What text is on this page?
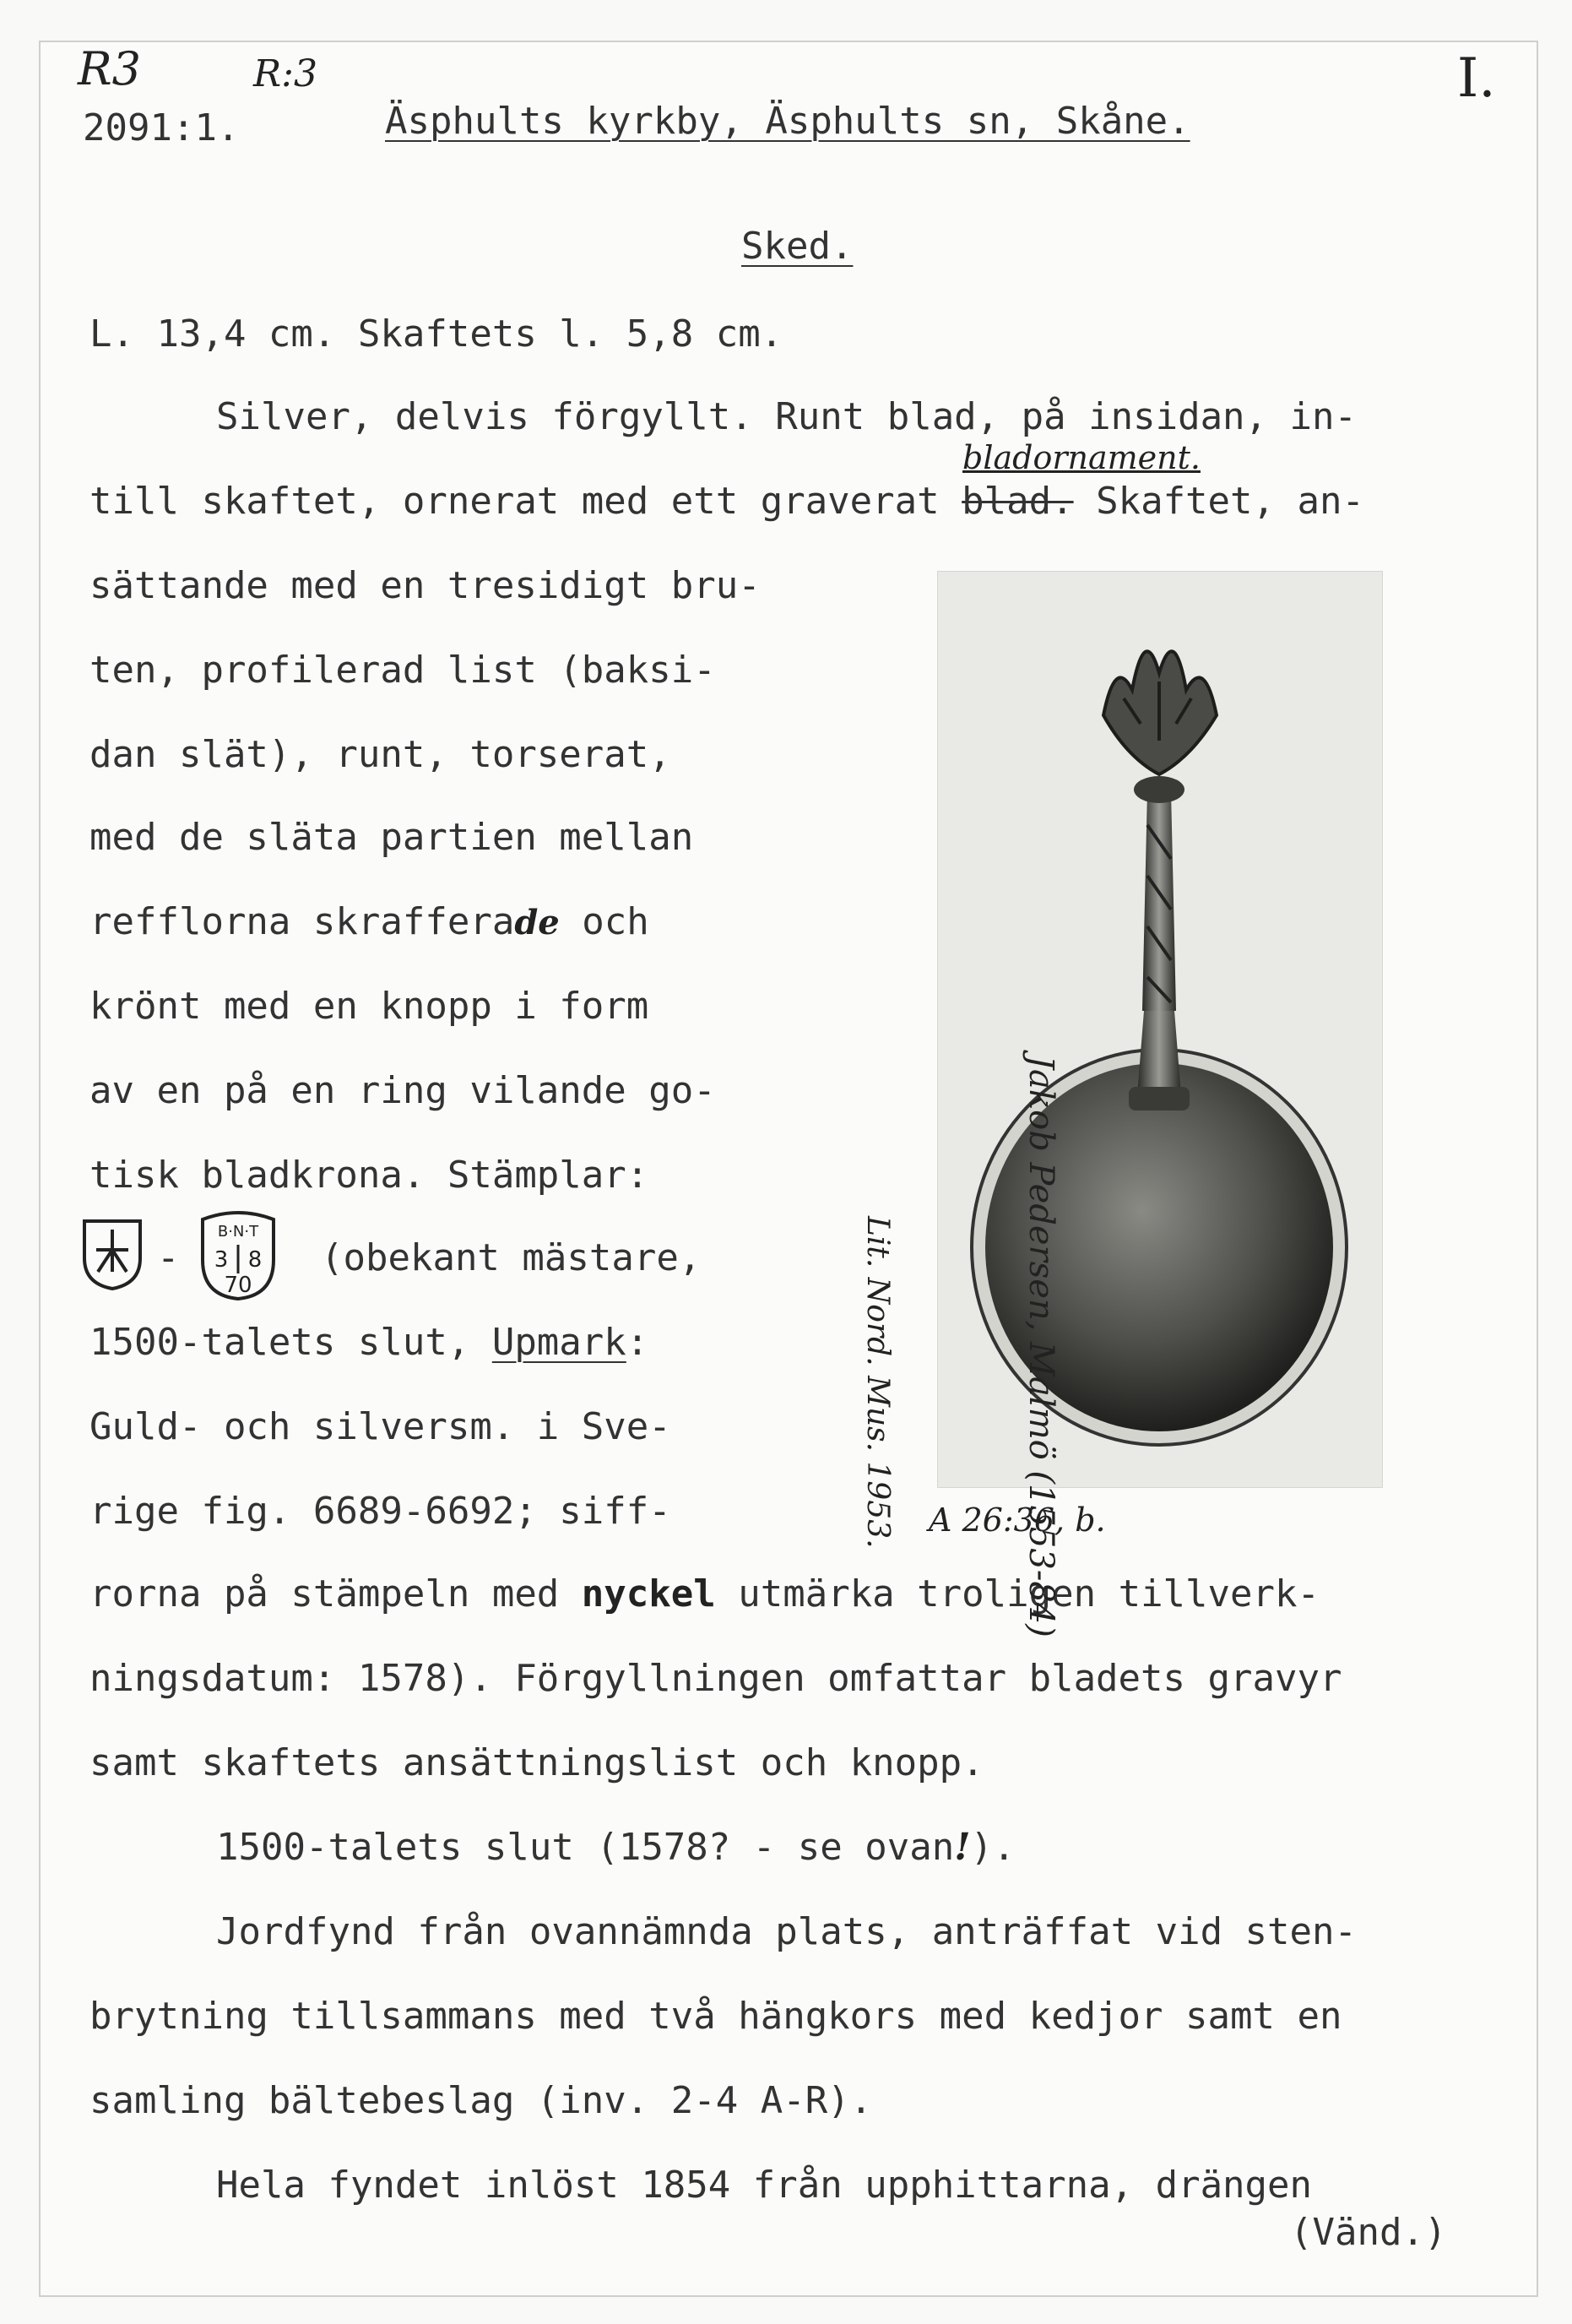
R3	R:3	I.
2091:1.	Äsphults kyrkby, Äsphults sn, Skåne.
Sked.
L. 13,4 cm. Skaftets l. 5,8 cm.
Silver, delvis förgyllt. Runt blad, på insidan, in-
bladornament.
till skaftet, ornerat med ett graverat blad. Skaftet, an-
sättande med en tresidigt bru-
ten, profilerad list (baksi-
dan slät), runt, torserat,
med de släta partien mellan
refflorna skrafferade och
krönt med en knopp i form
av en på en ring vilande go-
tisk bladkrona. Stämplar:
-
B·N·T
3 8
70
(obekant mästare,
1500-talets slut, Upmark:
Guld- och silversm. i Sve-
rige fig. 6689-6692; siff-
rorna på stämpeln med nyckel utmärka troligen tillverk-
ningsdatum: 1578). Förgyllningen omfattar bladets gravyr
samt skaftets ansättningslist och knopp.
1500-talets slut (1578? - se ovan!).
Jordfynd från ovannämnda plats, anträffat vid sten-
brytning tillsammans med två hängkors med kedjor samt en
samling bältebeslag (inv. 2-4 A-R).
Hela fyndet inlöst 1854 från upphittarna, drängen
(Vänd.)
Jakob Pedersen, Malmö (1553-84)
Lit. Nord. Mus. 1953. A 26:36, b.
